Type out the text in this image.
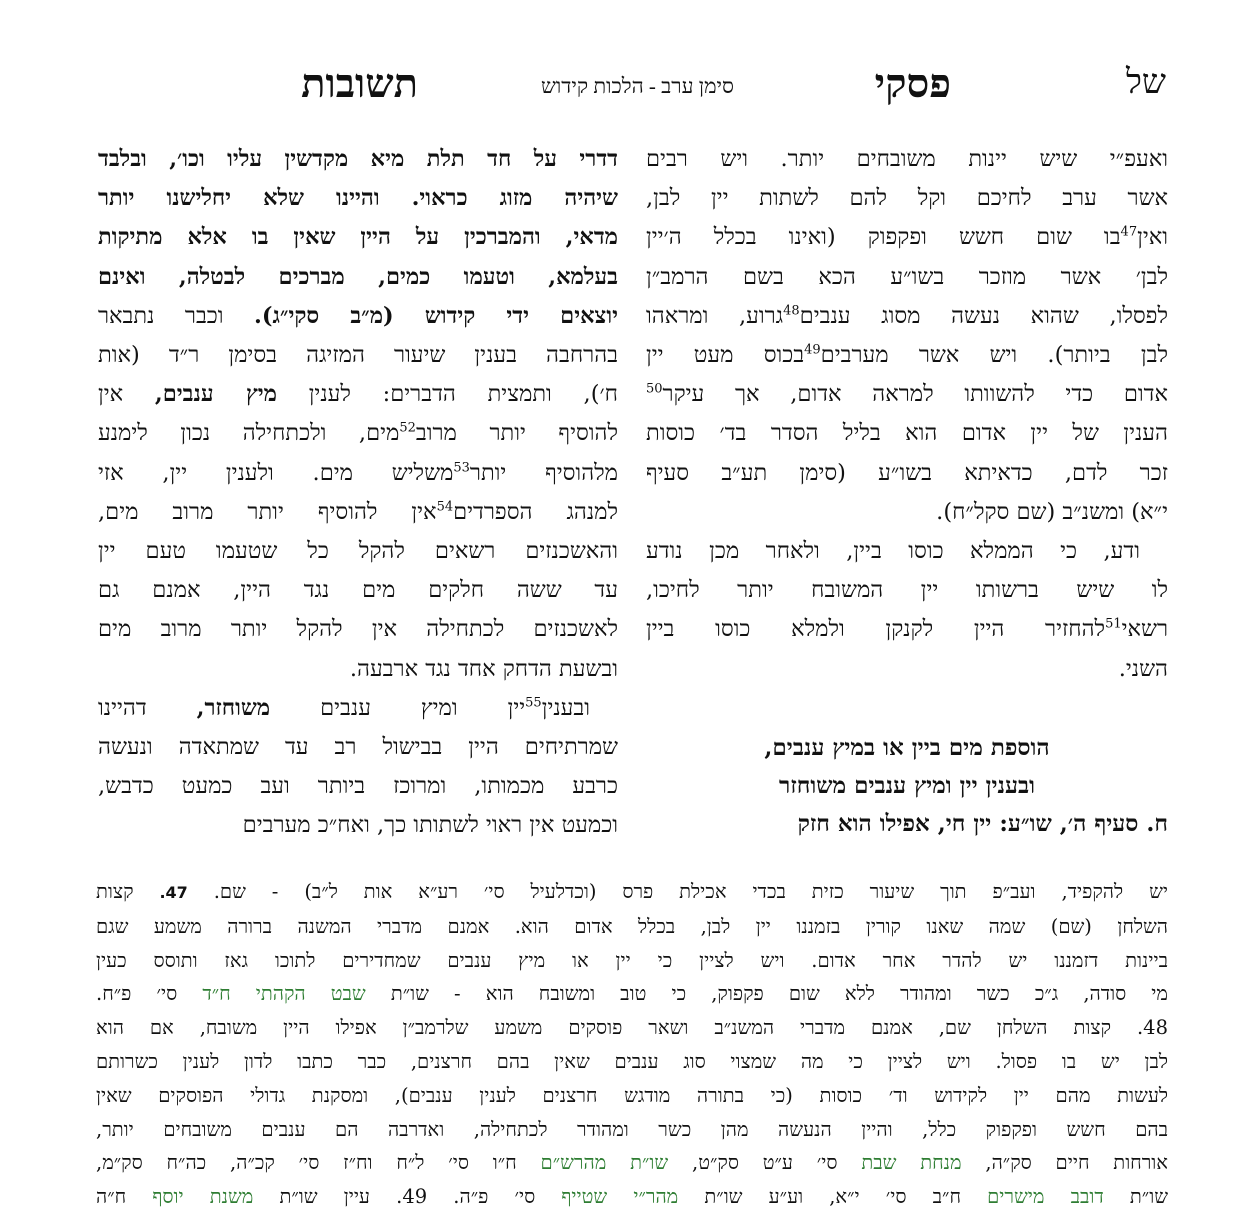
של
פסקי
סימן ערב - הלכות קידוש
תשובות
ואעפ״י שיש יינות משובחים יותר. ויש רבים
אשר ערב לחיכם וקל להם לשתות יין לבן,
ואין$^{47}$בו שום חשש ופקפוק (ואינו בכלל ה׳יין
לבן׳ אשר מוזכר בשו״ע הכא בשם הרמב״ן
לפסלו, שהוא נעשה מסוג ענבים$^{48}$גרוע, ומראהו
לבן ביותר). ויש אשר מערבים$^{49}$בכוס מעט יין
אדום כדי להשוותו למראה אדום, אך עיקר$^{50}$
הענין של יין אדום הוא בליל הסדר בד׳ כוסות
זכר לדם, כדאיתא בשו״ע (סימן תע״ב סעיף
י״א) ומשנ״ב (שם סקל״ח).
ודע, כי הממלא כוסו ביין, ולאחר מכן נודע
לו שיש ברשותו יין המשובח יותר לחיכו,
רשאי$^{51}$להחזיר היין לקנקן ולמלא כוסו ביין
השני.
הוספת מים ביין או במיץ ענבים,
ובענין יין ומיץ ענבים משוחזר
ח. סעיף ה׳, שו״ע: יין חי, אפילו הוא חזק
דדרי על חד תלת מיא מקדשין עליו וכו׳, ובלבד
שיהיה מזוג כראוי. והיינו שלא יחלישנו יותר
מדאי, והמברכין על היין שאין בו אלא מתיקות
בעלמא, וטעמו כמים, מברכים לבטלה, ואינם
יוצאים ידי קידוש (מ״ב סקי״ג). וכבר נתבאר
בהרחבה בענין שיעור המזיגה בסימן ר״ד (אות
ח׳), ותמצית הדברים: לענין מיץ ענבים, אין
להוסיף יותר מרוב$^{52}$מים, ולכתחילה נכון לימנע
מלהוסיף יותר$^{53}$משליש מים. ולענין יין, אזי
למנהג הספרדים$^{54}$אין להוסיף יותר מרוב מים,
והאשכנזים רשאים להקל כל שטעמו טעם יין
עד ששה חלקים מים נגד היין, אמנם גם
לאשכנזים לכתחילה אין להקל יותר מרוב מים
ובשעת הדחק אחד נגד ארבעה.
ובענין$^{55}$יין ומיץ ענבים משוחזר, דהיינו
שמרתיחים היין בבישול רב עד שמתאדה ונעשה
כרבע מכמותו, ומרוכז ביותר ועב כמעט כדבש,
וכמעט אין ראוי לשתותו כך, ואח״כ מערבים
יש להקפיד, ועב״פ תוך שיעור כזית בכדי אכילת פרס (וכדלעיל סי׳ רע״א אות ל״ב) - שם. 47. קצות
השלחן (שם) שמה שאנו קורין בזמננו יין לבן, בכלל אדום הוא. אמנם מדברי המשנה ברורה משמע שגם
ביינות דזמננו יש להדר אחר אדום. ויש לציין כי יין או מיץ ענבים שמחדירים לתוכו גאז ותוסס כעין
מי סודה, ג״כ כשר ומהודר ללא שום פקפוק, כי טוב ומשובח הוא - שו״ת שבט הקהתי ח״ד סי׳ פ״ח.
48. קצות השלחן שם, אמנם מדברי המשנ״ב ושאר פוסקים משמע שלרמב״ן אפילו היין משובח, אם הוא
לבן יש בו פסול. ויש לציין כי מה שמצוי סוג ענבים שאין בהם חרצנים, כבר כתבו לדון לענין כשרותם
לעשות מהם יין לקידוש וד׳ כוסות (כי בתורה מודגש חרצנים לענין ענבים), ומסקנת גדולי הפוסקים שאין
בהם חשש ופקפוק כלל, והיין הנעשה מהן כשר ומהודר לכתחילה, ואדרבה הם ענבים משובחים יותר,
אורחות חיים סק״ה, מנחת שבת סי׳ ע״ט סק״ט, שו״ת מהרש״ם ח״ו סי׳ ל״ח וח״ז סי׳ קכ״ה, כה״ח סק״מ,
שו״ת דובב מישרים ח״ב סי׳ י״א, וע״ע שו״ת מהר״י שטייף סי׳ פ״ה. 49. עיין שו״ת משנת יוסף ח״ה
